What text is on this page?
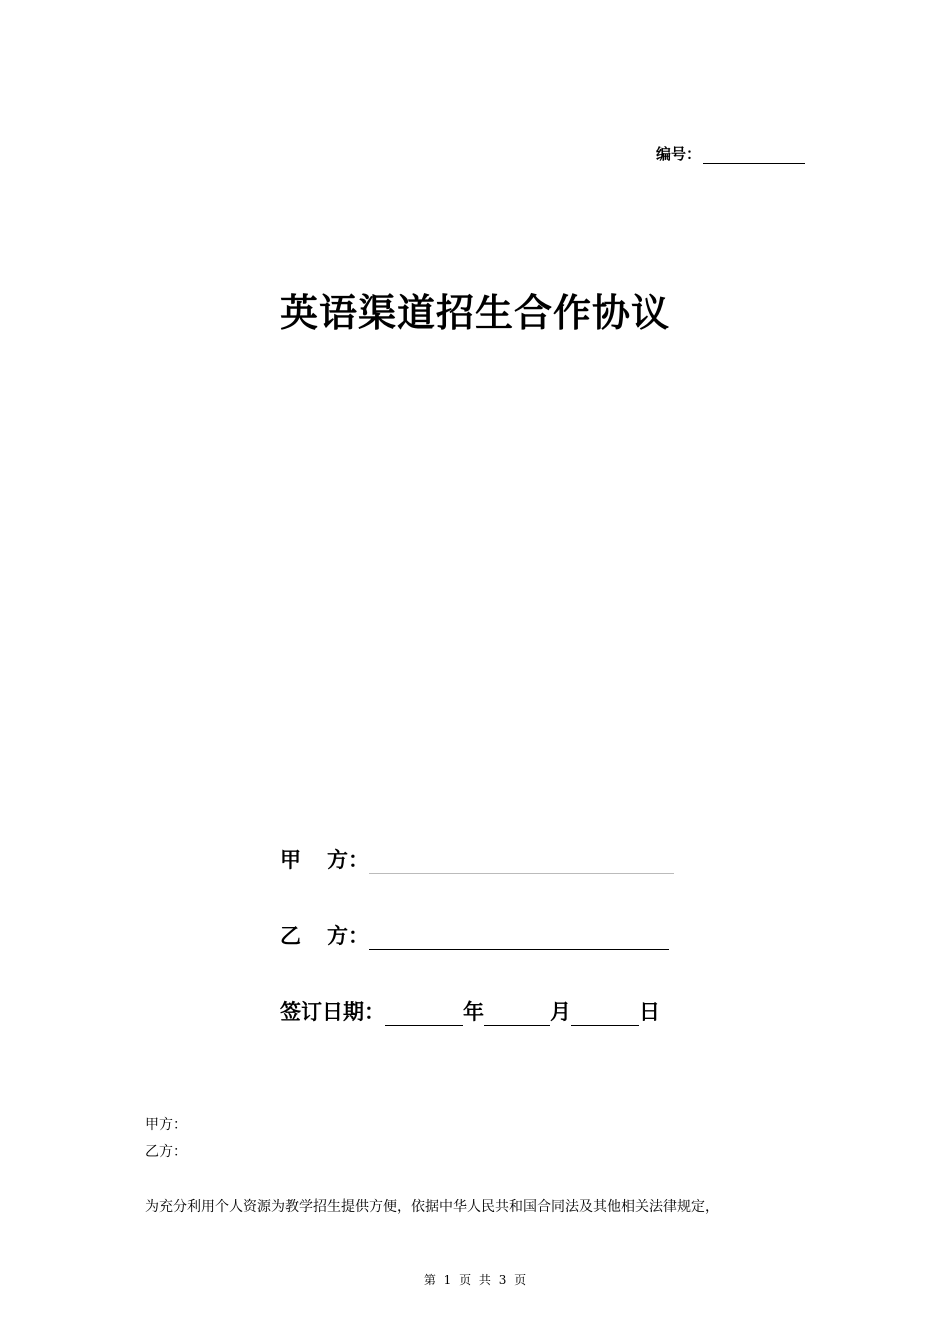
编号：
英语渠道招生合作协议
甲 方：
乙 方：
签订日期：	年	月	日
甲方：
乙方：
为充分利用个人资源为教学招生提供方便，依据中华人民共和国合同法及其他相关法律规定，
第 1 页 共 3 页
